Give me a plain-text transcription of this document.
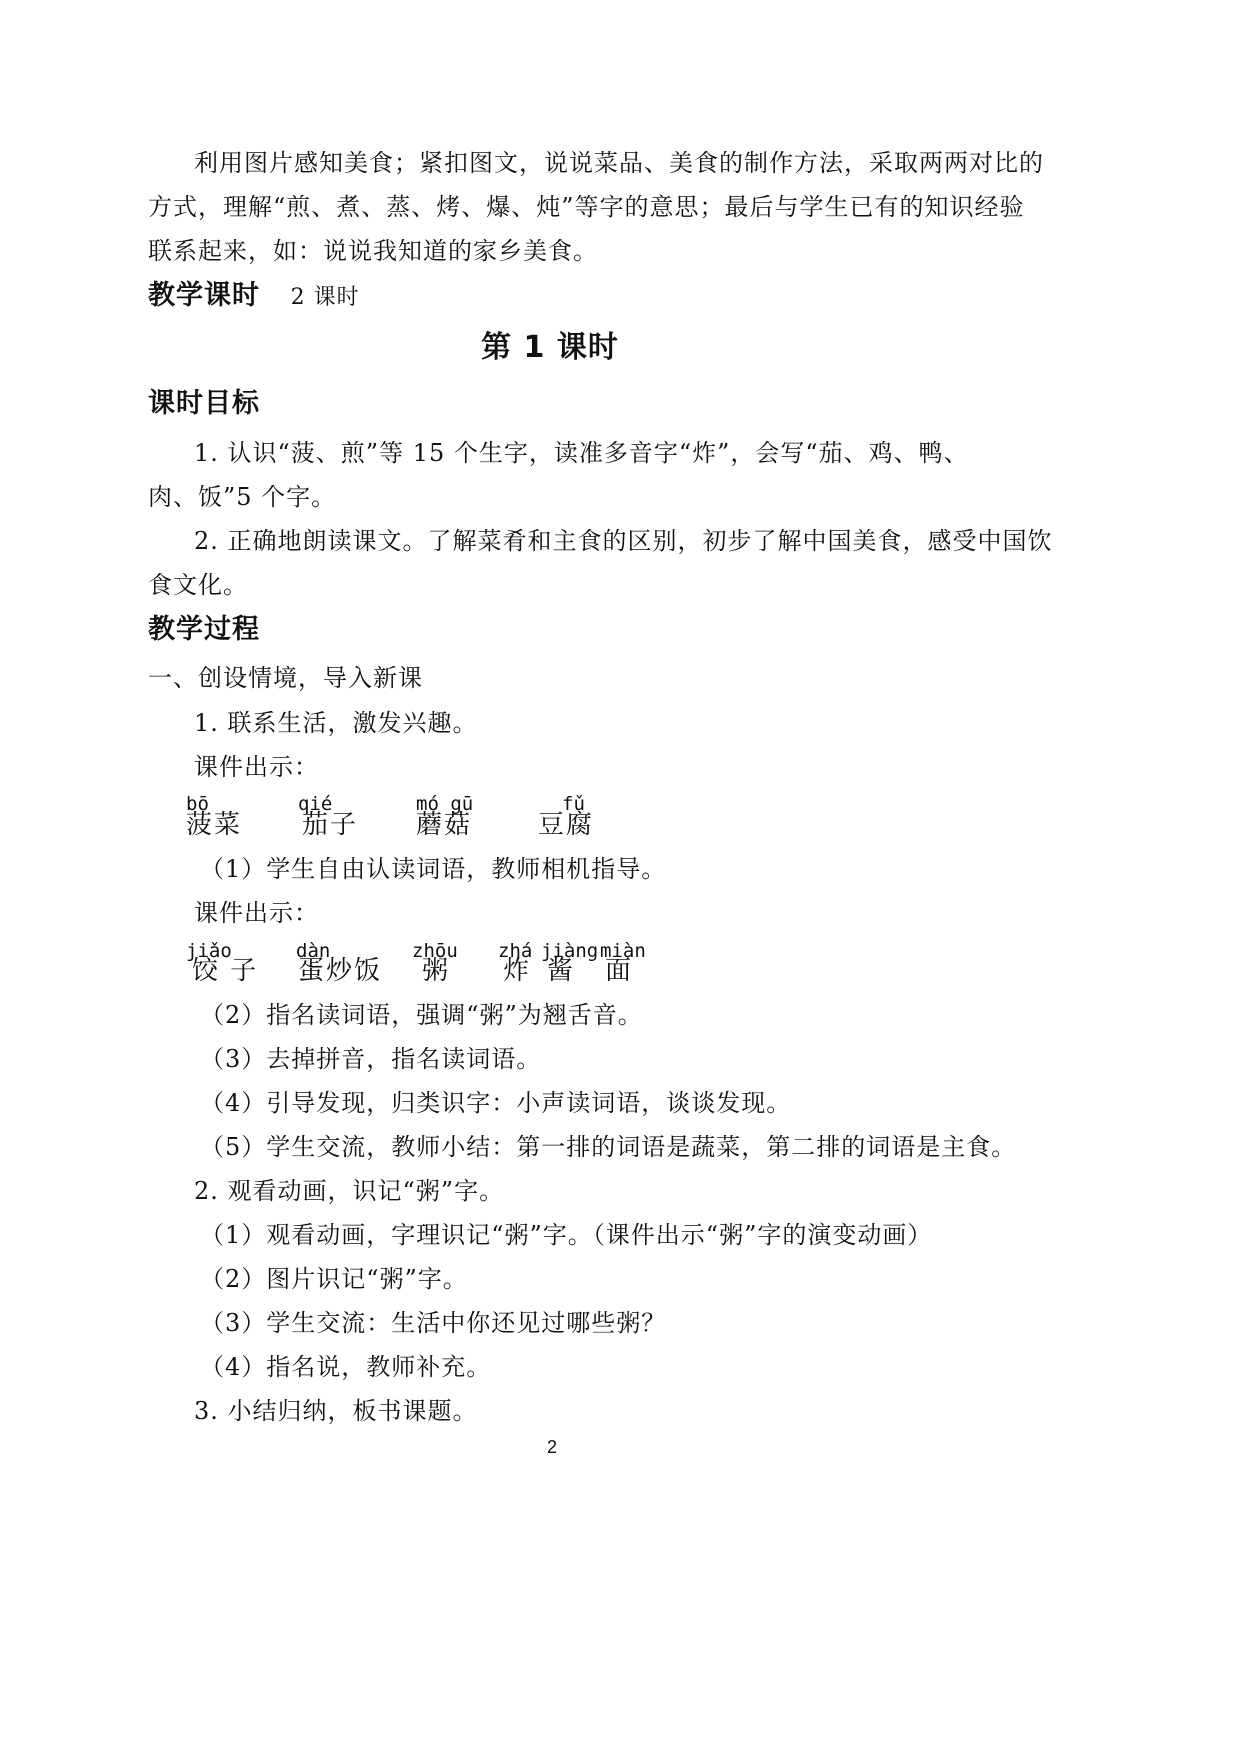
利用图片感知美食；紧扣图文，说说菜品、美食的制作方法，采取两两对比的
方式，理解“煎、煮、蒸、烤、爆、炖”等字的意思；最后与学生已有的知识经验
联系起来，如：说说我知道的家乡美食。
教学课时 2 课时
第 1 课时
课时目标
1. 认识“菠、煎”等 15 个生字，读准多音字“炸”，会写“茄、鸡、鸭、
肉、饭”5 个字。
2. 正确地朗读课文。了解菜肴和主食的区别，初步了解中国美食，感受中国饮
食文化。
教学过程
一、创设情境，导入新课
1. 联系生活，激发兴趣。
课件出示：
bō	qié	mó gū	fǔ
菠菜 茄子 蘑菇	豆腐
（1）学生自由认读词语，教师相机指导。
课件出示：
jiǎo	dàn	zhōu zhá jiàng miàn
饺 子 蛋炒饭 粥 炸 酱 面
（2）指名读词语，强调“粥”为翘舌音。
（3）去掉拼音，指名读词语。
（4）引导发现，归类识字：小声读词语，谈谈发现。
（5）学生交流，教师小结：第一排的词语是蔬菜，第二排的词语是主食。
2. 观看动画，识记“粥”字。
（1）观看动画，字理识记“粥”字。（课件出示“粥”字的演变动画）
（2）图片识记“粥”字。
（3）学生交流：生活中你还见过哪些粥？
（4）指名说，教师补充。
3. 小结归纳，板书课题。
2
